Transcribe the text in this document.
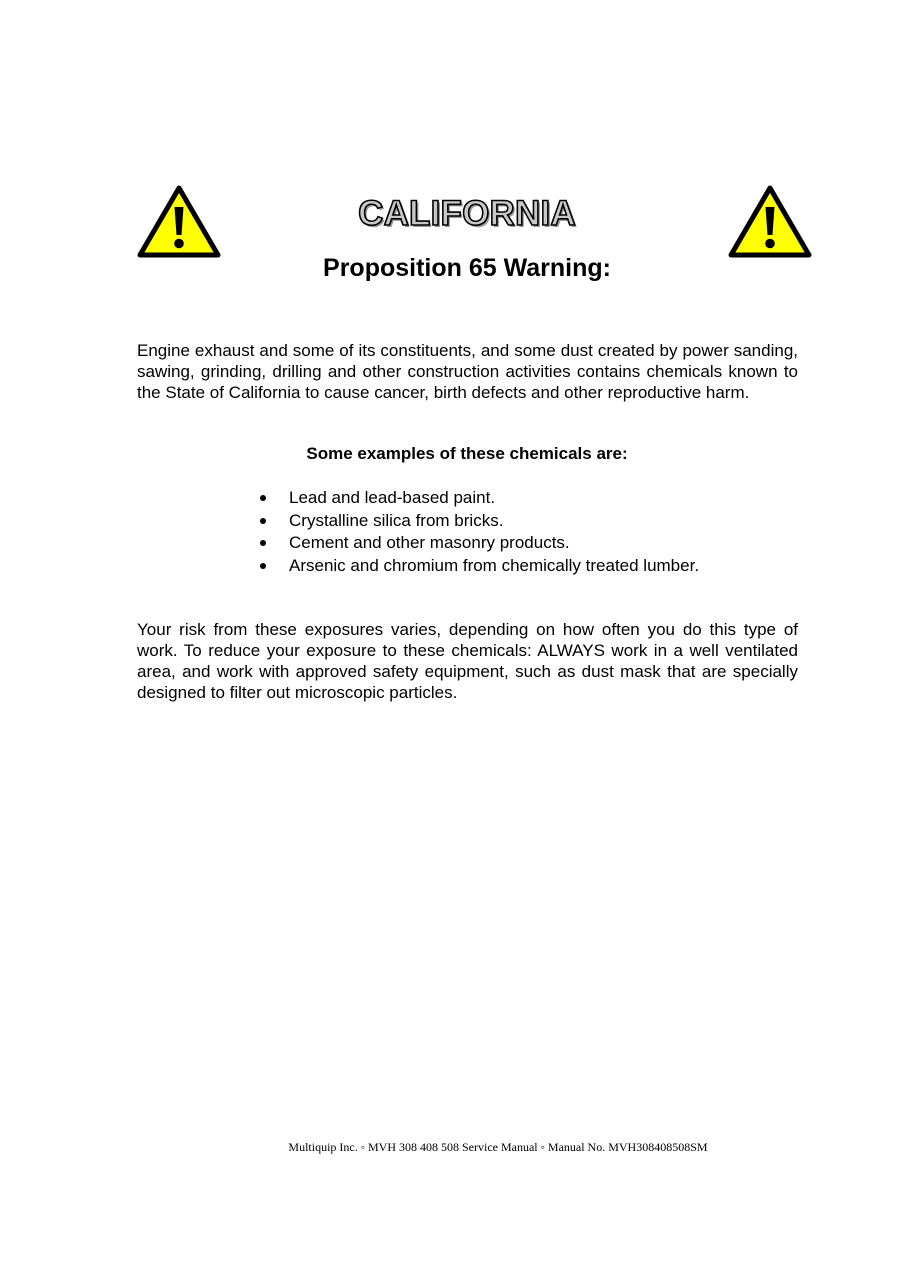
CALIFORNIA
Proposition 65 Warning:

Engine exhaust and some of its constituents, and some dust created by power sanding, sawing, grinding, drilling and other construction activities contains chemicals known to the State of California to cause cancer, birth defects and other reproductive harm.

Some examples of these chemicals are:

Lead and lead-based paint.
Crystalline silica from bricks.
Cement and other masonry products.
Arsenic and chromium from chemically treated lumber.

Your risk from these exposures varies, depending on how often you do this type of work. To reduce your exposure to these chemicals: ALWAYS work in a well ventilated area, and work with approved safety equipment, such as dust mask that are specially designed to filter out microscopic particles.

Multiquip Inc. ◦ MVH 308 408 508 Service Manual ◦ Manual No. MVH308408508SM
